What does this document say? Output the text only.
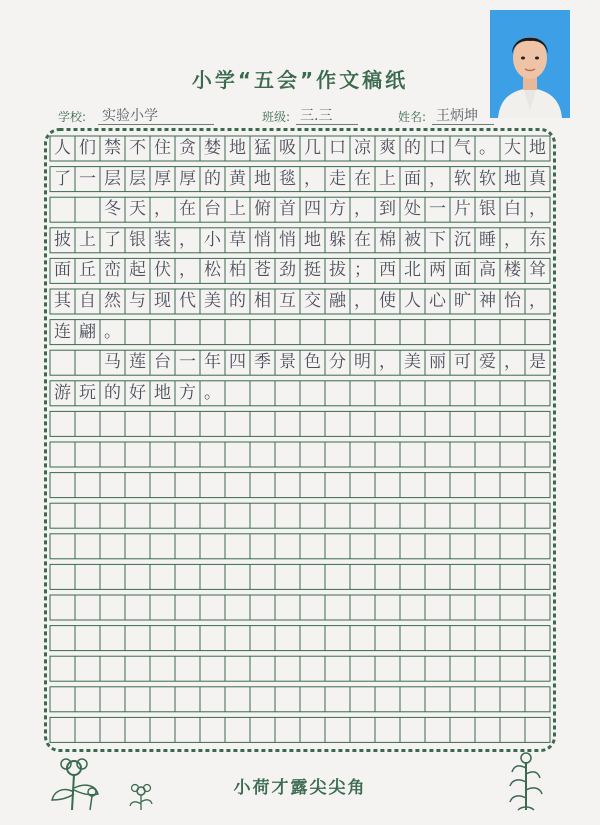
小学“五会”作文稿纸
学校: 实验小学	班级: 三.三	姓名: 王炳坤
人 们 禁 不 住 贪 婪 地 猛 吸 几 口 凉 爽 的 口 气 。 大 地
了 一 层 层 厚 厚 的 黄 地 毯 ， 走 在 上 面 ， 软 软 地 真
冬 天 ， 在 台 上 俯 首 四 方 ， 到 处 一 片 银 白 ，
披 上 了 银 装 ， 小 草 悄 悄 地 躲 在 棉 被 下 沉 睡 ， 东
面 丘 峦 起 伏 ， 松 柏 苍 劲 挺 拔 ； 西 北 两 面 高 楼 耸
其 自 然 与 现 代 美 的 相 互 交 融 ， 使 人 心 旷 神 怡 ，
连 翩 。
马 莲 台 一 年 四 季 景 色 分 明 ， 美 丽 可 爱 ， 是
游 玩 的 好 地 方 。
小荷才露尖尖角
